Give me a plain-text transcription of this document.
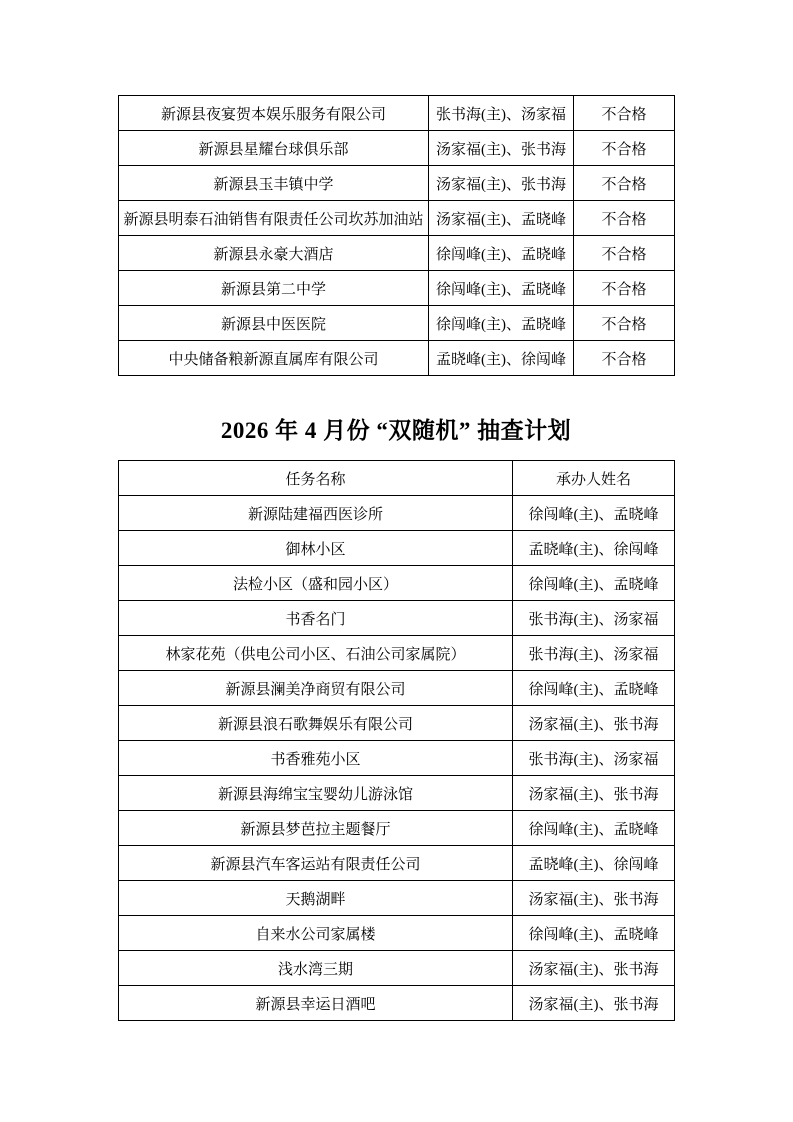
新源县夜宴贺本娱乐服务有限公司	张书海(主)、汤家福	不合格
新源县星耀台球俱乐部	汤家福(主)、张书海	不合格
新源县玉丰镇中学	汤家福(主)、张书海	不合格
新源县明泰石油销售有限责任公司坎苏加油站	汤家福(主)、孟晓峰	不合格
新源县永豪大酒店	徐闯峰(主)、孟晓峰	不合格
新源县第二中学	徐闯峰(主)、孟晓峰	不合格
新源县中医医院	徐闯峰(主)、孟晓峰	不合格
中央储备粮新源直属库有限公司	孟晓峰(主)、徐闯峰	不合格
2026 年 4 月份 “双随机” 抽查计划
任务名称	承办人姓名
新源陆建福西医诊所	徐闯峰(主)、孟晓峰
御林小区	孟晓峰(主)、徐闯峰
法检小区（盛和园小区）	徐闯峰(主)、孟晓峰
书香名门	张书海(主)、汤家福
林家花苑（供电公司小区、石油公司家属院）	张书海(主)、汤家福
新源县澜美净商贸有限公司	徐闯峰(主)、孟晓峰
新源县浪石歌舞娱乐有限公司	汤家福(主)、张书海
书香雅苑小区	张书海(主)、汤家福
新源县海绵宝宝婴幼儿游泳馆	汤家福(主)、张书海
新源县梦芭拉主题餐厅	徐闯峰(主)、孟晓峰
新源县汽车客运站有限责任公司	孟晓峰(主)、徐闯峰
天鹅湖畔	汤家福(主)、张书海
自来水公司家属楼	徐闯峰(主)、孟晓峰
浅水湾三期	汤家福(主)、张书海
新源县幸运日酒吧	汤家福(主)、张书海
